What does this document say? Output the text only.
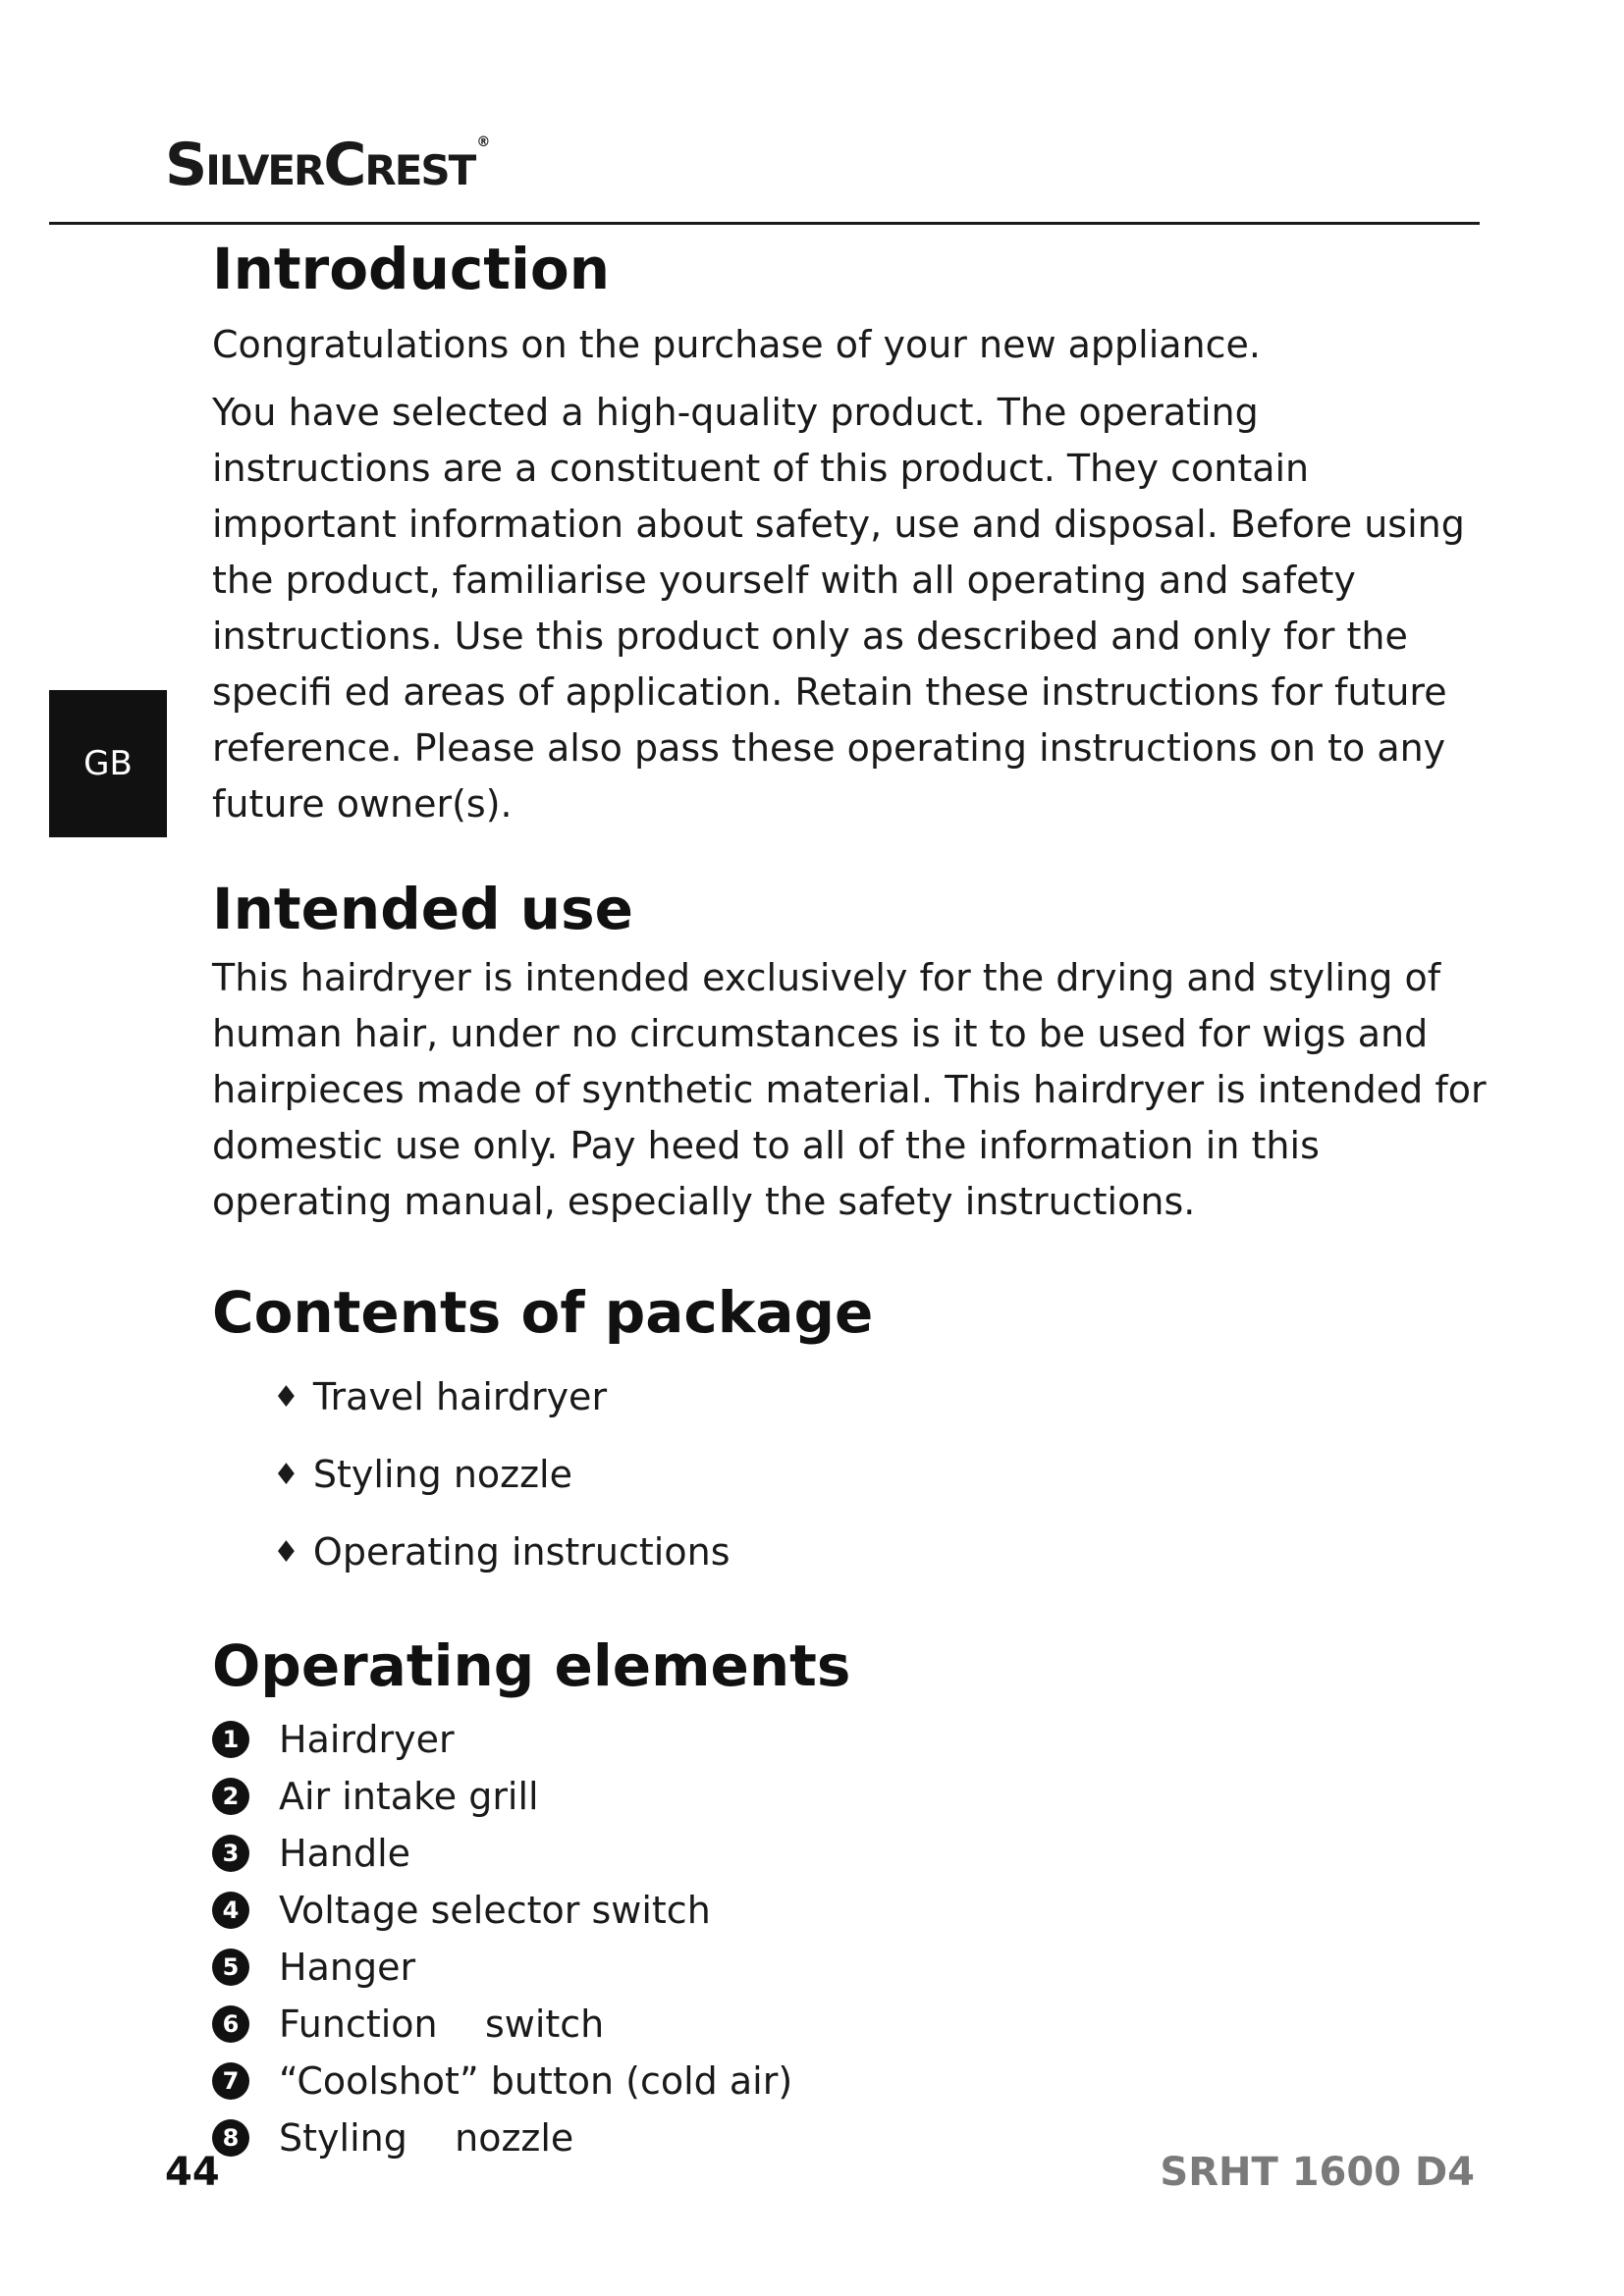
SilverCrest ®
GB
Introduction

Congratulations on the purchase of your new appliance.

You have selected a high-quality product. The operating instructions are a constituent of this product. They contain important information about safety, use and disposal. Before using the product, familiarise yourself with all operating and safety instructions. Use this product only as described and only for the specifi ed areas of application. Retain these instructions for future reference. Please also pass these operating instructions on to any future owner(s).

Intended use

This hairdryer is intended exclusively for the drying and styling of human hair, under no circumstances is it to be used for wigs and hairpieces made of synthetic material. This hairdryer is intended for domestic use only. Pay heed to all of the information in this operating manual, especially the safety instructions.

Contents of package
♦ Travel hairdryer
♦ Styling nozzle
♦ Operating instructions
Operating elements
1 Hairdryer
2 Air intake grill
3 Handle
4 Voltage selector switch
5 Hanger
6 Function    switch
7 “Coolshot” button (cold air)
8 Styling    nozzle
44	SRHT 1600 D4
